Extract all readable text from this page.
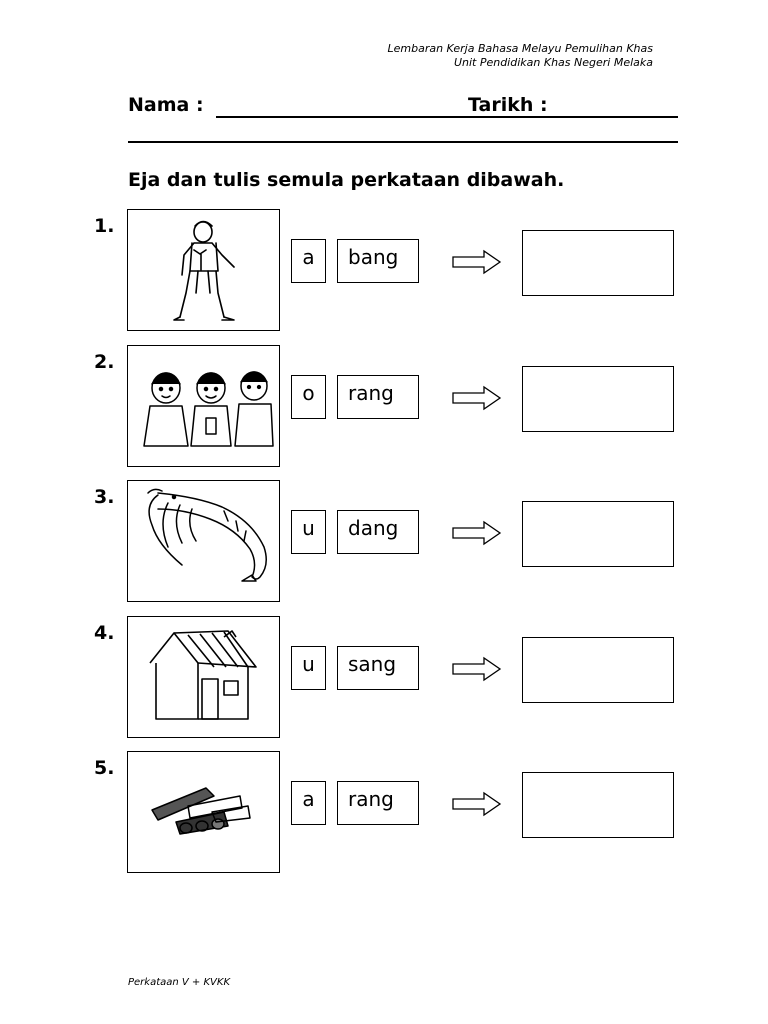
Lembaran Kerja Bahasa Melayu Pemulihan Khas
Unit Pendidikan Khas Negeri Melaka
Nama :	Tarikh :
Eja dan tulis semula perkataan dibawah.
1.
a	bang
2.
o	rang
3.
u	dang
4.
u	sang
5.
a	rang
Perkataan V + KVKK
